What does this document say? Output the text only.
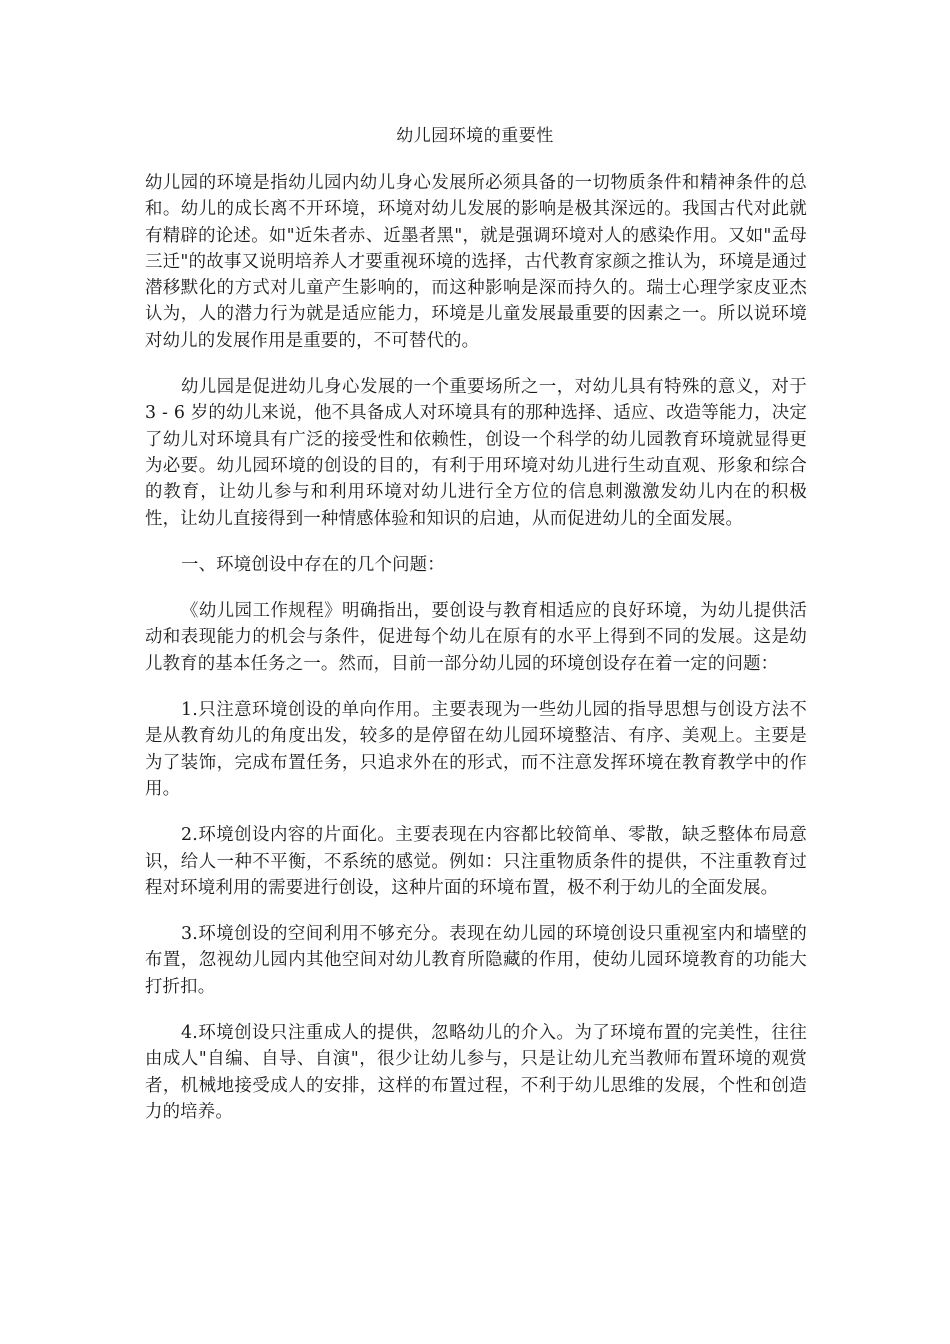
幼儿园环境的重要性

幼儿园的环境是指幼儿园内幼儿身心发展所必须具备的一切物质条件和精神条件的总和。幼儿的成长离不开环境，环境对幼儿发展的影响是极其深远的。我国古代对此就有精辟的论述。如"近朱者赤、近墨者黑"，就是强调环境对人的感染作用。又如"孟母三迁"的故事又说明培养人才要重视环境的选择，古代教育家颜之推认为，环境是通过潜移默化的方式对儿童产生影响的，而这种影响是深而持久的。瑞士心理学家皮亚杰认为，人的潜力行为就是适应能力，环境是儿童发展最重要的因素之一。所以说环境对幼儿的发展作用是重要的，不可替代的。

幼儿园是促进幼儿身心发展的一个重要场所之一，对幼儿具有特殊的意义，对于 3 - 6 岁的幼儿来说，他不具备成人对环境具有的那种选择、适应、改造等能力，决定了幼儿对环境具有广泛的接受性和依赖性，创设一个科学的幼儿园教育环境就显得更为必要。幼儿园环境的创设的目的，有利于用环境对幼儿进行生动直观、形象和综合的教育，让幼儿参与和利用环境对幼儿进行全方位的信息刺激激发幼儿内在的积极性，让幼儿直接得到一种情感体验和知识的启迪，从而促进幼儿的全面发展。

一、环境创设中存在的几个问题：

《幼儿园工作规程》明确指出，要创设与教育相适应的良好环境，为幼儿提供活动和表现能力的机会与条件，促进每个幼儿在原有的水平上得到不同的发展。这是幼儿教育的基本任务之一。然而，目前一部分幼儿园的环境创设存在着一定的问题：

1.只注意环境创设的单向作用。主要表现为一些幼儿园的指导思想与创设方法不是从教育幼儿的角度出发，较多的是停留在幼儿园环境整洁、有序、美观上。主要是为了装饰，完成布置任务，只追求外在的形式，而不注意发挥环境在教育教学中的作用。

2.环境创设内容的片面化。主要表现在内容都比较简单、零散，缺乏整体布局意识，给人一种不平衡，不系统的感觉。例如：只注重物质条件的提供，不注重教育过程对环境利用的需要进行创设，这种片面的环境布置，极不利于幼儿的全面发展。

3.环境创设的空间利用不够充分。表现在幼儿园的环境创设只重视室内和墙壁的布置，忽视幼儿园内其他空间对幼儿教育所隐藏的作用，使幼儿园环境教育的功能大打折扣。

4.环境创设只注重成人的提供，忽略幼儿的介入。为了环境布置的完美性，往往由成人"自编、自导、自演"，很少让幼儿参与，只是让幼儿充当教师布置环境的观赏者，机械地接受成人的安排，这样的布置过程，不利于幼儿思维的发展，个性和创造力的培养。
